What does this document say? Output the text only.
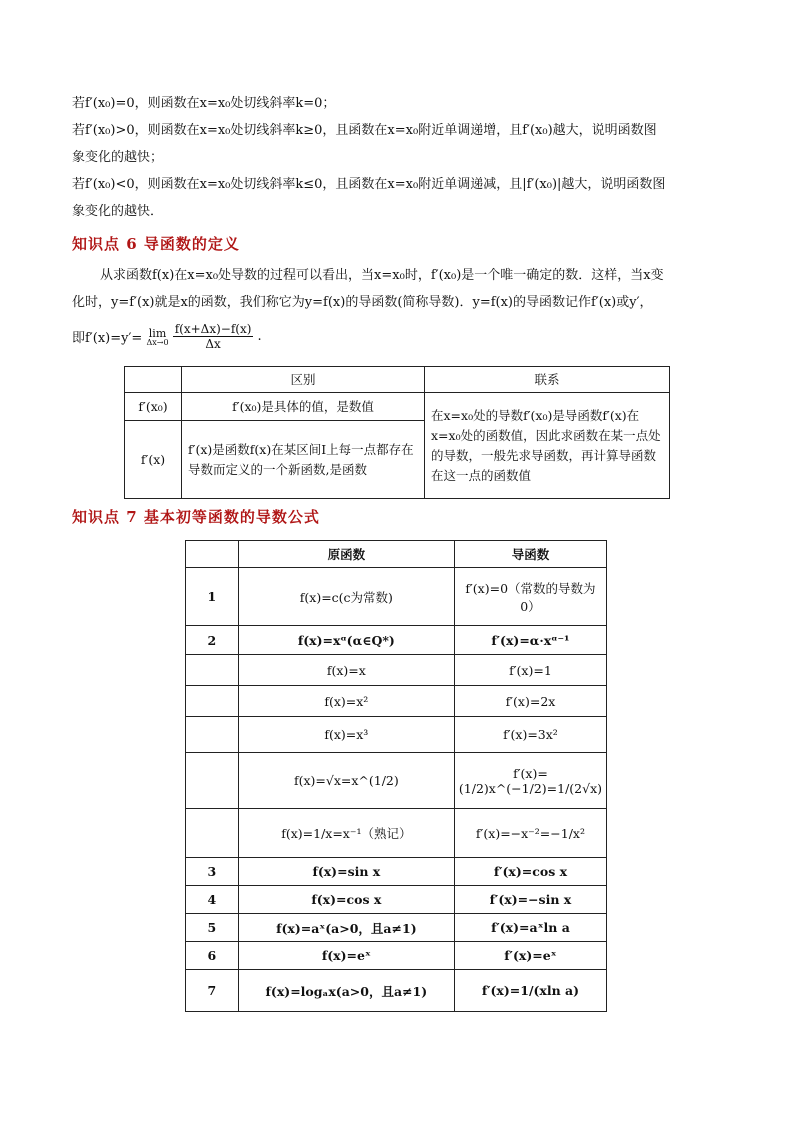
若f′(x₀)=0，则函数在x=x₀处切线斜率k=0；
若f′(x₀)>0，则函数在x=x₀处切线斜率k≥0，且函数在x=x₀附近单调递增，且f′(x₀)越大，说明函数图
象变化的越快；
若f′(x₀)<0，则函数在x=x₀处切线斜率k≤0，且函数在x=x₀附近单调递减，且|f′(x₀)|越大，说明函数图
象变化的越快．
知识点 6 导函数的定义
从求函数f(x)在x=x₀处导数的过程可以看出，当x=x₀时，f′(x₀)是一个唯一确定的数．这样，当x变
化时，y=f′(x)就是x的函数，我们称它为y=f(x)的导函数(简称导数)．y=f(x)的导函数记作f′(x)或y′，
即f′(x)=y′= lim
Δx→0
$\frac{f(x+\Delta x)-f(x)}{\Delta x}$ .
	区别	联系
f′(x₀)	f′(x₀)是具体的值，是数值	在x=x₀处的导数f′(x₀)是导函数f′(x)在x=x₀处的函数值，因此求函数在某一点处的导数，一般先求导函数，再计算导函数在这一点的函数值
f′(x)	f′(x)是函数f(x)在某区间I上每一点都存在导数而定义的一个新函数,是函数	
知识点 7 基本初等函数的导数公式
	原函数	导函数
1	f(x)=c(c为常数)	f′(x)=0（常数的导数为0）
2	f(x)=xᵅ(α∈Q*)	f′(x)=α·xᵅ⁻¹
	f(x)=x	f′(x)=1
	f(x)=x²	f′(x)=2x
	f(x)=x³	f′(x)=3x²
	f(x)=√x=x^(1/2)	f′(x)=(1/2)x^(−1/2)=1/(2√x)
	f(x)=1/x=x⁻¹（熟记）	f′(x)=−x⁻²=−1/x²
3	f(x)=sin x	f′(x)=cos x
4	f(x)=cos x	f′(x)=−sin x
5	f(x)=aˣ(a>0，且a≠1)	f′(x)=aˣln a
6	f(x)=eˣ	f′(x)=eˣ
7	f(x)=logₐx(a>0，且a≠1)	f′(x)=1/(xln a)
